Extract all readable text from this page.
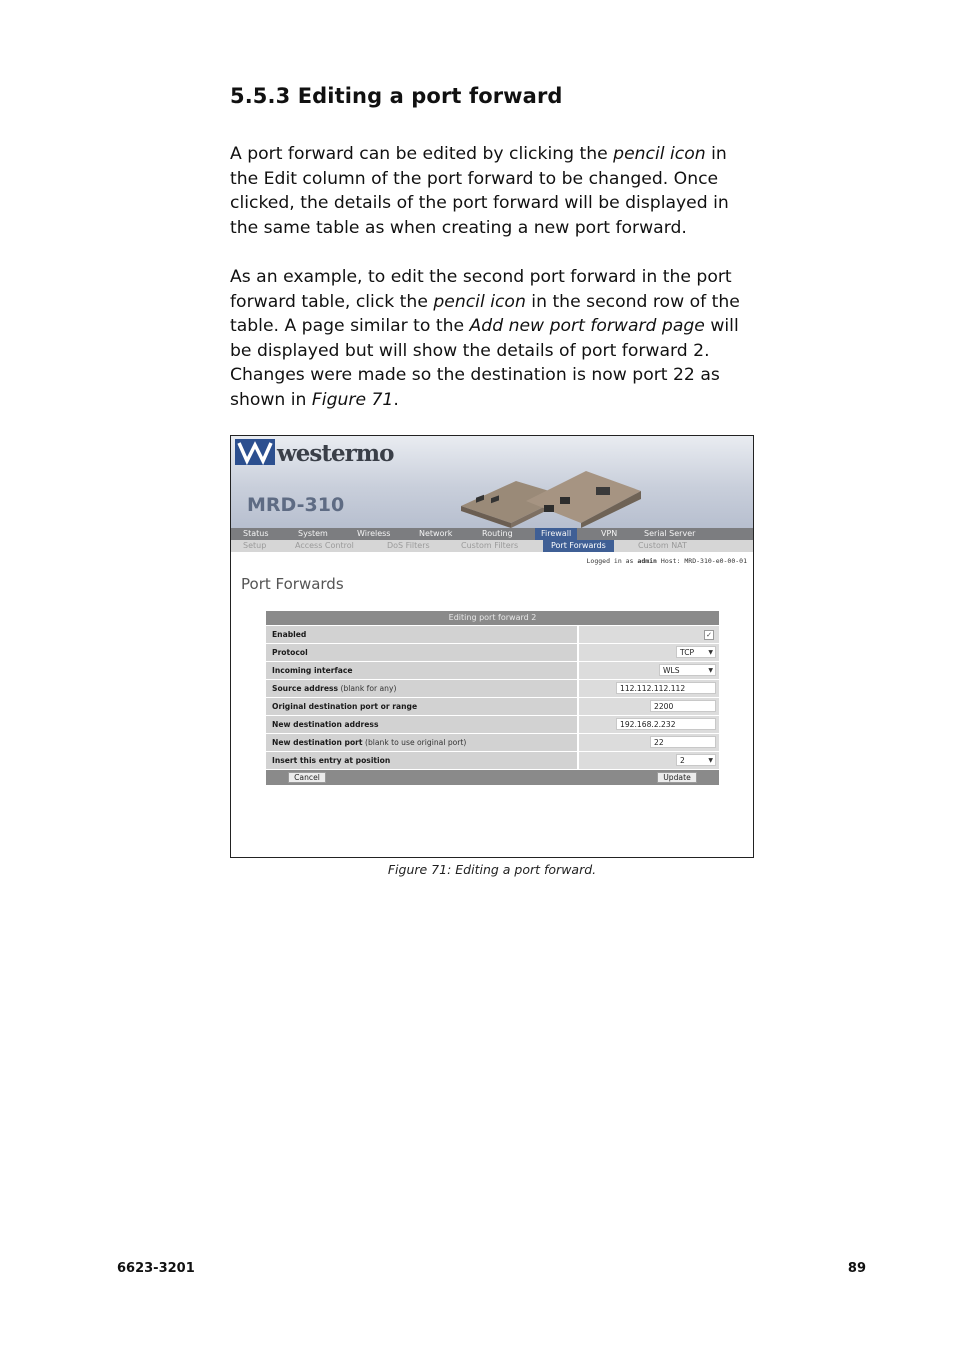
5.5.3 Editing a port forward
A port forward can be edited by clicking the pencil icon in the Edit column of the port forward to be changed. Once clicked, the details of the port forward will be displayed in the same table as when creating a new port forward.
As an example, to edit the second port forward in the port forward table, click the pencil icon in the second row of the table. A page similar to the Add new port forward page will be displayed but will show the details of port forward 2. Changes were made so the destination is now port 22 as shown in Figure 71.
westermo
MRD-310
Status	System	Wireless	Network	Routing	Firewall	VPN	Serial Server
Setup	Access Control	DoS Filters	Custom Filters	Port Forwards	Custom NAT
Logged in as admin Host: MRD-310-e0-00-01
Port Forwards
Editing port forward 2
Enabled	✓
Protocol	TCP ▼
Incoming interface	WLS	▼
Source address (blank for any)	112.112.112.112
Original destination port or range	2200
New destination address	192.168.2.232
New destination port (blank to use original port)	22
Insert this entry at position	2	▼
Cancel	Update
Figure 71: Editing a port forward.
6623-3201	89
